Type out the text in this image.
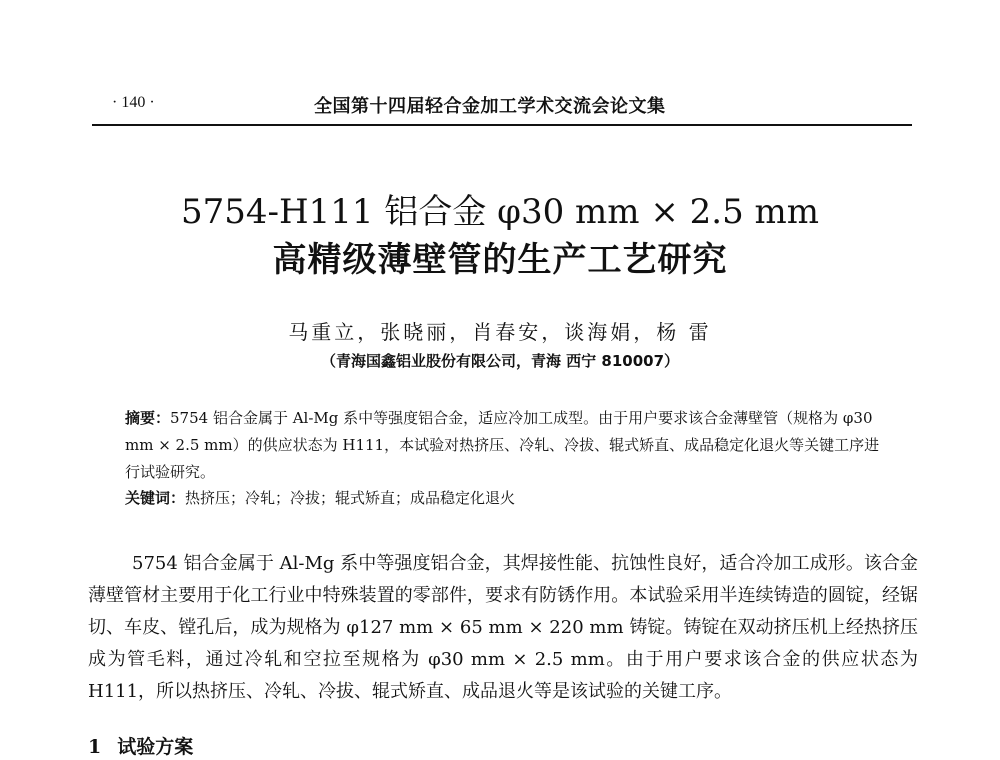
· 140 ·	全国第十四届轻合金加工学术交流会论文集
5754-H111 铝合金 φ30 mm × 2.5 mm
高精级薄壁管的生产工艺研究
马重立，张晓丽，肖春安，谈海娟，杨 雷
（青海国鑫铝业股份有限公司，青海 西宁 810007）
摘要：5754 铝合金属于 Al-Mg 系中等强度铝合金，适应冷加工成型。由于用户要求该合金薄壁管（规格为 φ30 mm × 2.5 mm）的供应状态为 H111，本试验对热挤压、冷轧、冷拔、辊式矫直、成品稳定化退火等关键工序进行试验研究。
关键词：热挤压；冷轧；冷拔；辊式矫直；成品稳定化退火
5754 铝合金属于 Al-Mg 系中等强度铝合金，其焊接性能、抗蚀性良好，适合冷加工成形。该合金薄壁管材主要用于化工行业中特殊装置的零部件，要求有防锈作用。本试验采用半连续铸造的圆锭，经锯切、车皮、镗孔后，成为规格为 φ127 mm × 65 mm × 220 mm 铸锭。铸锭在双动挤压机上经热挤压成为管毛料，通过冷轧和空拉至规格为 φ30 mm × 2.5 mm。由于用户要求该合金的供应状态为 H111，所以热挤压、冷轧、冷拔、辊式矫直、成品退火等是该试验的关键工序。
1 试验方案
